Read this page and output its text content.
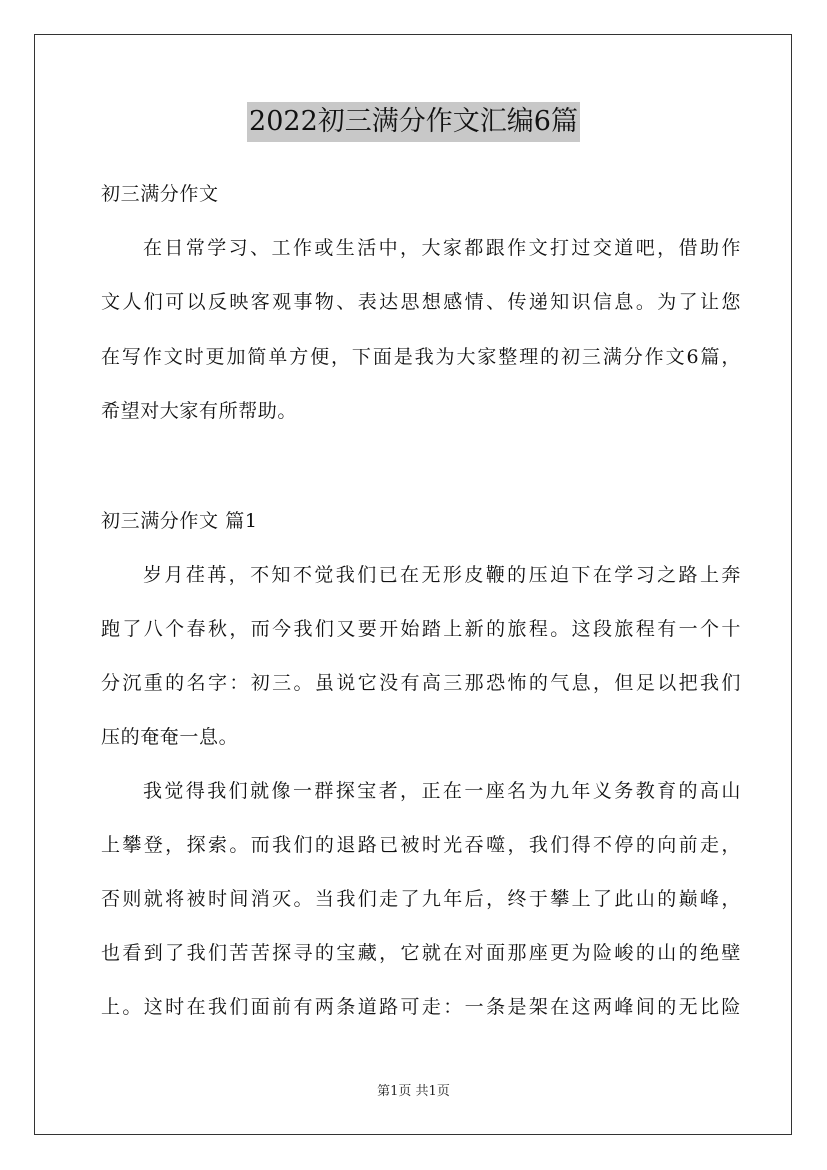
2022初三满分作文汇编6篇
初三满分作文
在日常学习、工作或生活中，大家都跟作文打过交道吧，借助作
文人们可以反映客观事物、表达思想感情、传递知识信息。为了让您
在写作文时更加简单方便，下面是我为大家整理的初三满分作文6篇，
希望对大家有所帮助。
初三满分作文 篇1
岁月荏苒，不知不觉我们已在无形皮鞭的压迫下在学习之路上奔
跑了八个春秋，而今我们又要开始踏上新的旅程。这段旅程有一个十
分沉重的名字：初三。虽说它没有高三那恐怖的气息，但足以把我们
压的奄奄一息。
我觉得我们就像一群探宝者，正在一座名为九年义务教育的高山
上攀登，探索。而我们的退路已被时光吞噬，我们得不停的向前走，
否则就将被时间消灭。当我们走了九年后，终于攀上了此山的巅峰，
也看到了我们苦苦探寻的宝藏，它就在对面那座更为险峻的山的绝壁
上。这时在我们面前有两条道路可走：一条是架在这两峰间的无比险
第1页 共1页
